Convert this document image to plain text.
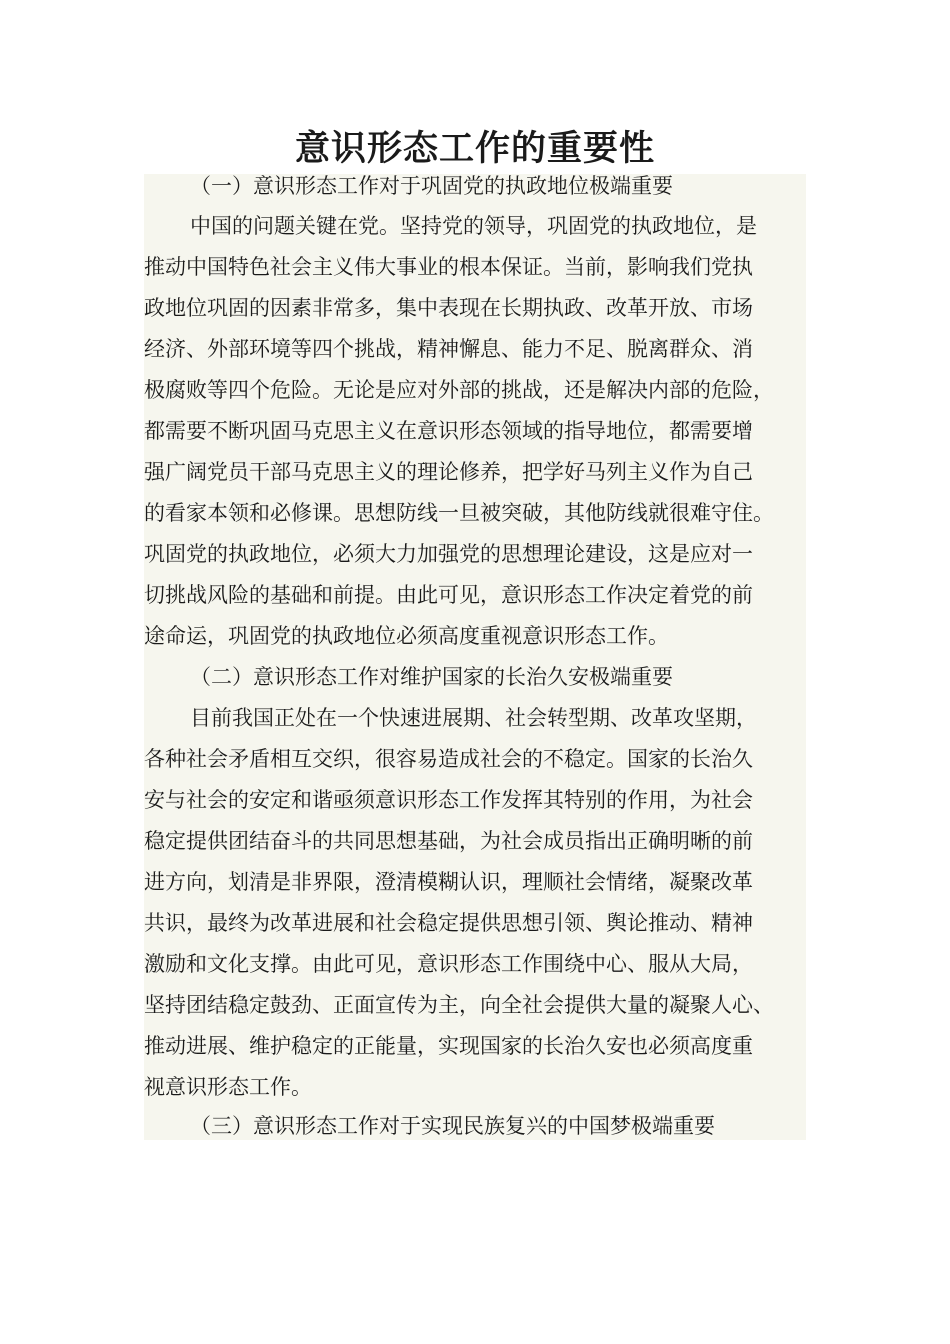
意识形态工作的重要性
（一）意识形态工作对于巩固党的执政地位极端重要
中国的问题关键在党。坚持党的领导，巩固党的执政地位，是
推动中国特色社会主义伟大事业的根本保证。当前，影响我们党执
政地位巩固的因素非常多，集中表现在长期执政、改革开放、市场
经济、外部环境等四个挑战，精神懈息、能力不足、脱离群众、消
极腐败等四个危险。无论是应对外部的挑战，还是解决内部的危险，
都需要不断巩固马克思主义在意识形态领域的指导地位，都需要增
强广阔党员干部马克思主义的理论修养，把学好马列主义作为自己
的看家本领和必修课。思想防线一旦被突破，其他防线就很难守住。
巩固党的执政地位，必须大力加强党的思想理论建设，这是应对一
切挑战风险的基础和前提。由此可见，意识形态工作决定着党的前
途命运，巩固党的执政地位必须高度重视意识形态工作。
（二）意识形态工作对维护国家的长治久安极端重要
目前我国正处在一个快速进展期、社会转型期、改革攻坚期，
各种社会矛盾相互交织，很容易造成社会的不稳定。国家的长治久
安与社会的安定和谐亟须意识形态工作发挥其特别的作用，为社会
稳定提供团结奋斗的共同思想基础，为社会成员指出正确明晰的前
进方向，划清是非界限，澄清模糊认识，理顺社会情绪，凝聚改革
共识，最终为改革进展和社会稳定提供思想引领、舆论推动、精神
激励和文化支撑。由此可见，意识形态工作围绕中心、服从大局，
坚持团结稳定鼓劲、正面宣传为主，向全社会提供大量的凝聚人心、
推动进展、维护稳定的正能量，实现国家的长治久安也必须高度重
视意识形态工作。
（三）意识形态工作对于实现民族复兴的中国梦极端重要
